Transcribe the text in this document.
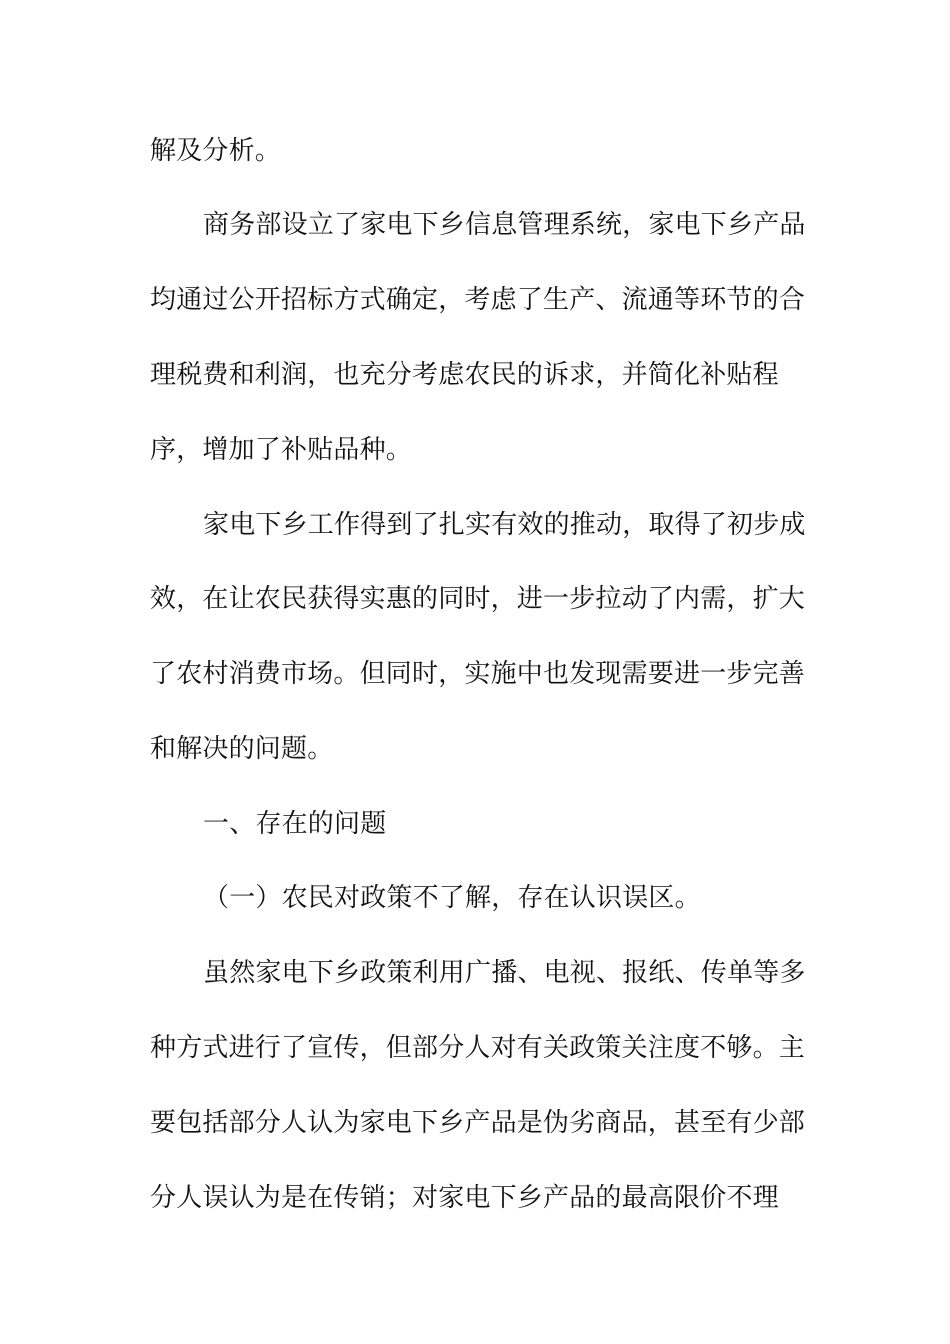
解及分析。
商务部设立了家电下乡信息管理系统，家电下乡产品
均通过公开招标方式确定，考虑了生产、流通等环节的合
理税费和利润，也充分考虑农民的诉求，并简化补贴程
序，增加了补贴品种。
家电下乡工作得到了扎实有效的推动，取得了初步成
效，在让农民获得实惠的同时，进一步拉动了内需，扩大
了农村消费市场。但同时，实施中也发现需要进一步完善
和解决的问题。
一、存在的问题
（一）农民对政策不了解，存在认识误区。
虽然家电下乡政策利用广播、电视、报纸、传单等多
种方式进行了宣传，但部分人对有关政策关注度不够。主
要包括部分人认为家电下乡产品是伪劣商品，甚至有少部
分人误认为是在传销；对家电下乡产品的最高限价不理
